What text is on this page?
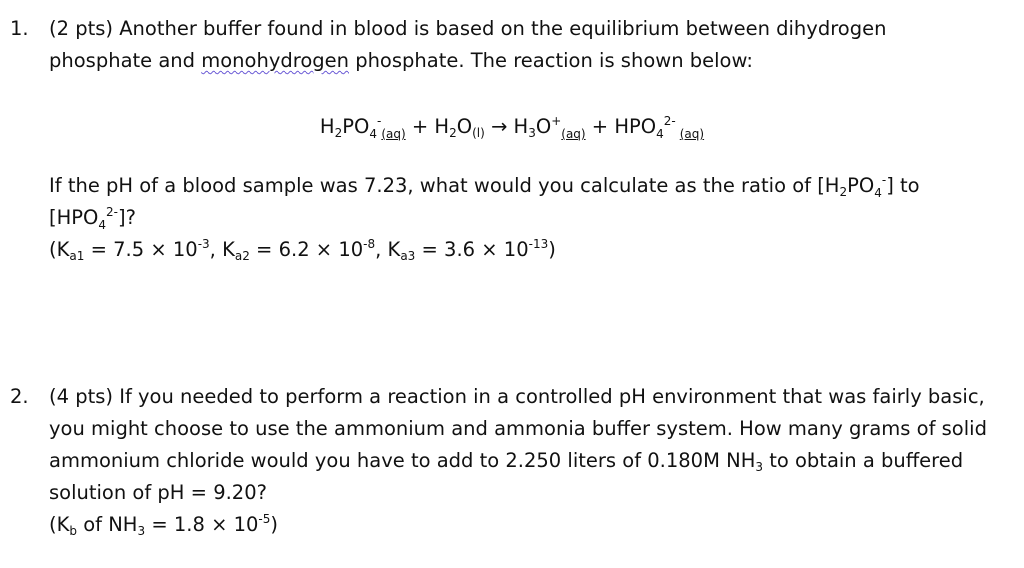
1. (2 pts) Another buffer found in blood is based on the equilibrium between dihydrogen
phosphate and monohydrogen phosphate. The reaction is shown below:
$H_2PO4-(aq) + H_2O_{(l)} \to H_3O+(aq) + HPO42-(aq)$
If the pH of a blood sample was 7.23, what would you calculate as the ratio of $[H_2PO4-]$ to
[HPO42-]?
($K_{a1} = 7.5 \times 10^{-3}$, $K_{a2} = 6.2 \times 10^{-8}$, $K_{a3} = 3.6 \times 10^{-13}$)
2. (4 pts) If you needed to perform a reaction in a controlled pH environment that was fairly basic,
you might choose to use the ammonium and ammonia buffer system. How many grams of solid
ammonium chloride would you have to add to 2.250 liters of 0.180M $NH_3$ to obtain a buffered
solution of pH = 9.20?
($K_b$ of $NH_3 = 1.8 \times 10^{-5}$)
